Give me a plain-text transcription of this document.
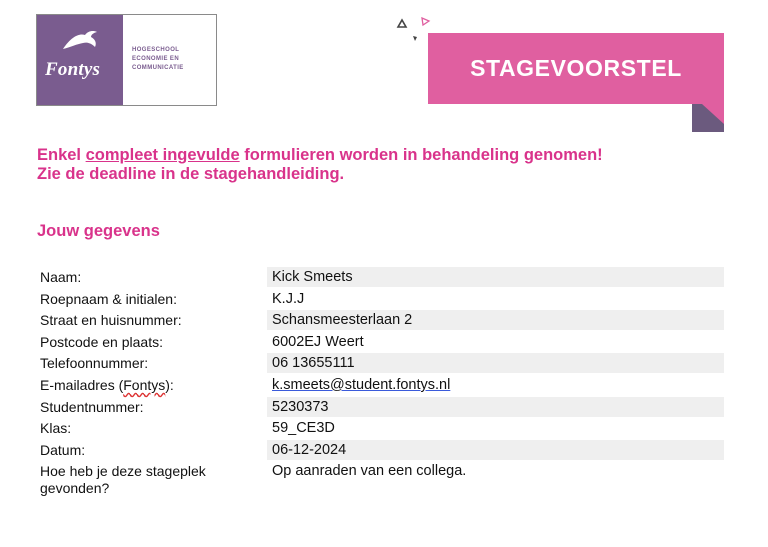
Fontys
HOGESCHOOL
ECONOMIE EN
COMMUNICATIE	STAGEVOORSTEL
Enkel compleet ingevulde formulieren worden in behandeling genomen!
Zie de deadline in de stagehandleiding.
Jouw gegevens
Naam:	Kick Smeets
Roepnaam & initialen:	K.J.J
Straat en huisnummer:	Schansmeesterlaan 2
Postcode en plaats:	6002EJ Weert
Telefoonnummer:	06 13655111
E-mailadres (Fontys):	k.smeets@student.fontys.nl
Studentnummer:	5230373
Klas:	59_CE3D
Datum:	06-12-2024
Hoe heb je deze stageplek gevonden?
Op aanraden van een collega.
